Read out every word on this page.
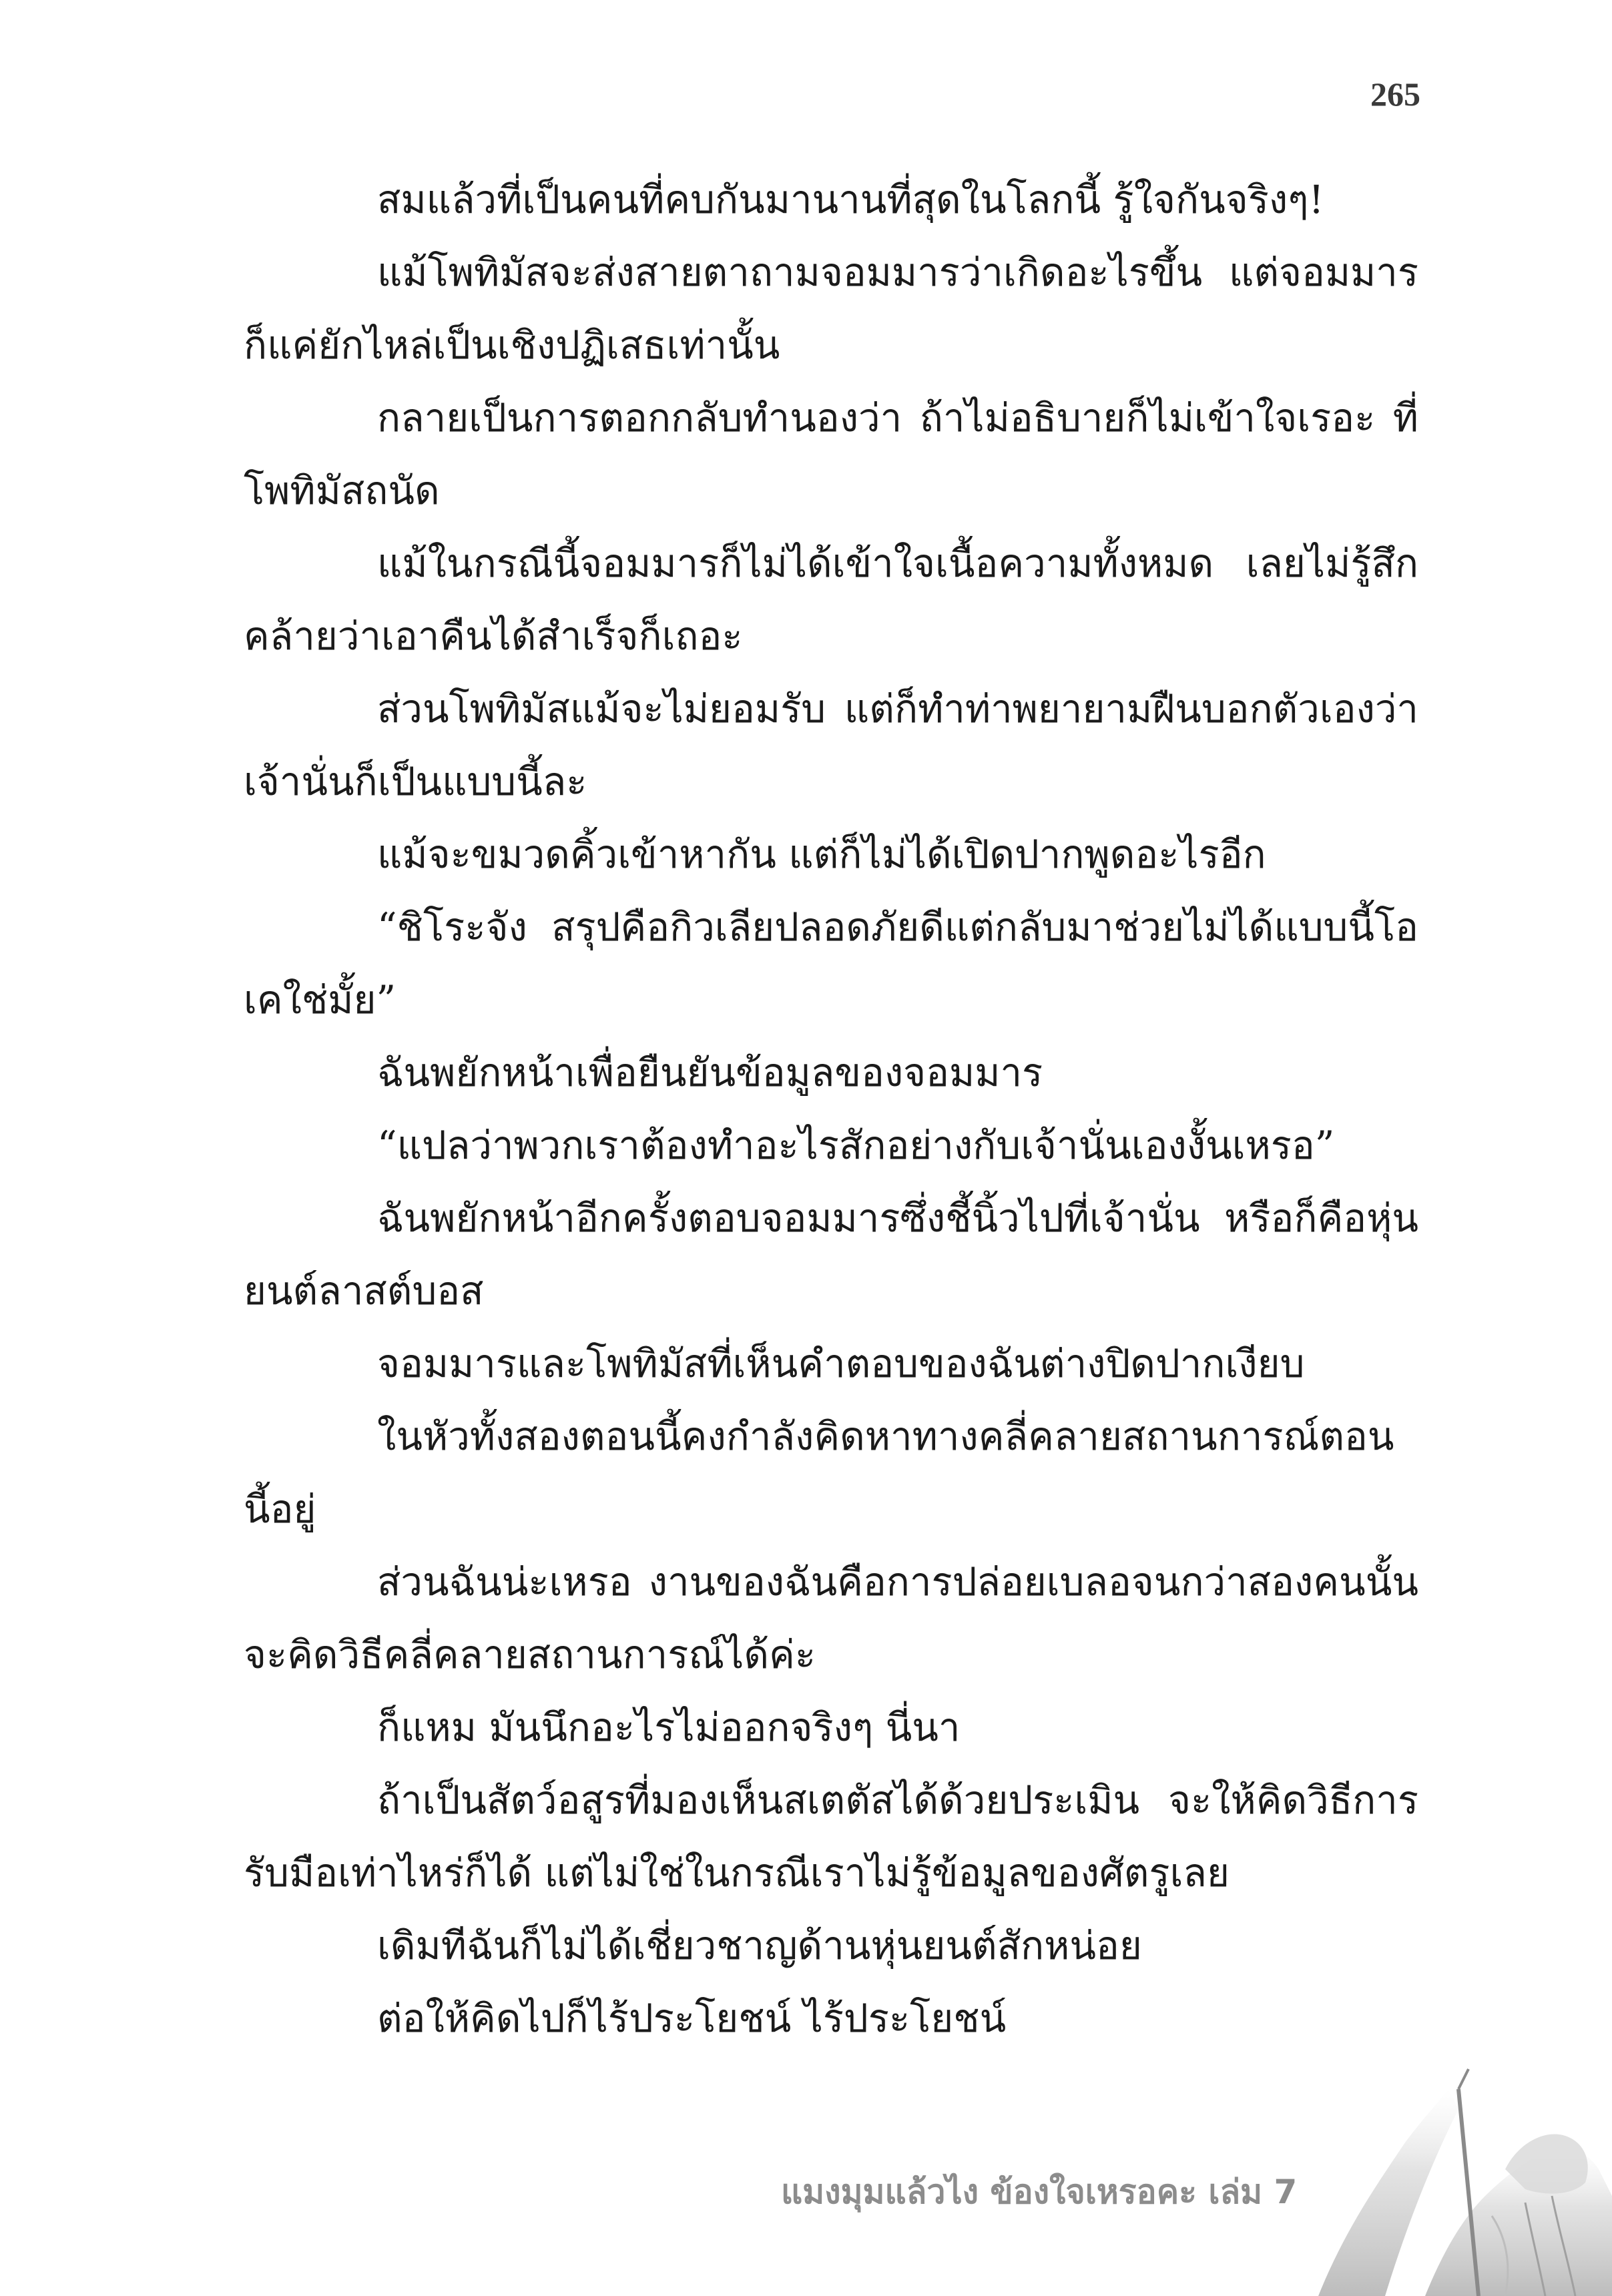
265

สมแล้วที่เป็นคนที่คบกันมานานที่สุดในโลกนี้ รู้ใจกันจริงๆ!

แม้โพทิมัสจะส่งสายตาถามจอมมารว่าเกิดอะไรขึ้น แต่จอมมารก็แค่ยักไหล่เป็นเชิงปฏิเสธเท่านั้น

กลายเป็นการตอกกลับทำนองว่า ถ้าไม่อธิบายก็ไม่เข้าใจเรอะ ที่โพทิมัสถนัด

แม้ในกรณีนี้จอมมารก็ไม่ได้เข้าใจเนื้อความทั้งหมด เลยไม่รู้สึกคล้ายว่าเอาคืนได้สำเร็จก็เถอะ

ส่วนโพทิมัสแม้จะไม่ยอมรับ แต่ก็ทำท่าพยายามฝืนบอกตัวเองว่าเจ้านั่นก็เป็นแบบนี้ละ

แม้จะขมวดคิ้วเข้าหากัน แต่ก็ไม่ได้เปิดปากพูดอะไรอีก

“ชิโระจัง สรุปคือกิวเลียปลอดภัยดีแต่กลับมาช่วยไม่ได้แบบนี้โอเคใช่มั้ย”

ฉันพยักหน้าเพื่อยืนยันข้อมูลของจอมมาร

“แปลว่าพวกเราต้องทำอะไรสักอย่างกับเจ้านั่นเองงั้นเหรอ”

ฉันพยักหน้าอีกครั้งตอบจอมมารซึ่งชี้นิ้วไปที่เจ้านั่น หรือก็คือหุ่นยนต์ลาสต์บอส

จอมมารและโพทิมัสที่เห็นคำตอบของฉันต่างปิดปากเงียบ

ในหัวทั้งสองตอนนี้คงกำลังคิดหาทางคลี่คลายสถานการณ์ตอนนี้อยู่

ส่วนฉันน่ะเหรอ งานของฉันคือการปล่อยเบลอจนกว่าสองคนนั้นจะคิดวิธีคลี่คลายสถานการณ์ได้ค่ะ

ก็แหม มันนึกอะไรไม่ออกจริงๆ นี่นา

ถ้าเป็นสัตว์อสูรที่มองเห็นสเตตัสได้ด้วยประเมิน จะให้คิดวิธีการรับมือเท่าไหร่ก็ได้ แต่ไม่ใช่ในกรณีเราไม่รู้ข้อมูลของศัตรูเลย

เดิมทีฉันก็ไม่ได้เชี่ยวชาญด้านหุ่นยนต์สักหน่อย

ต่อให้คิดไปก็ไร้ประโยชน์ ไร้ประโยชน์

แมงมุมแล้วไง ข้องใจเหรอคะ เล่ม 7
